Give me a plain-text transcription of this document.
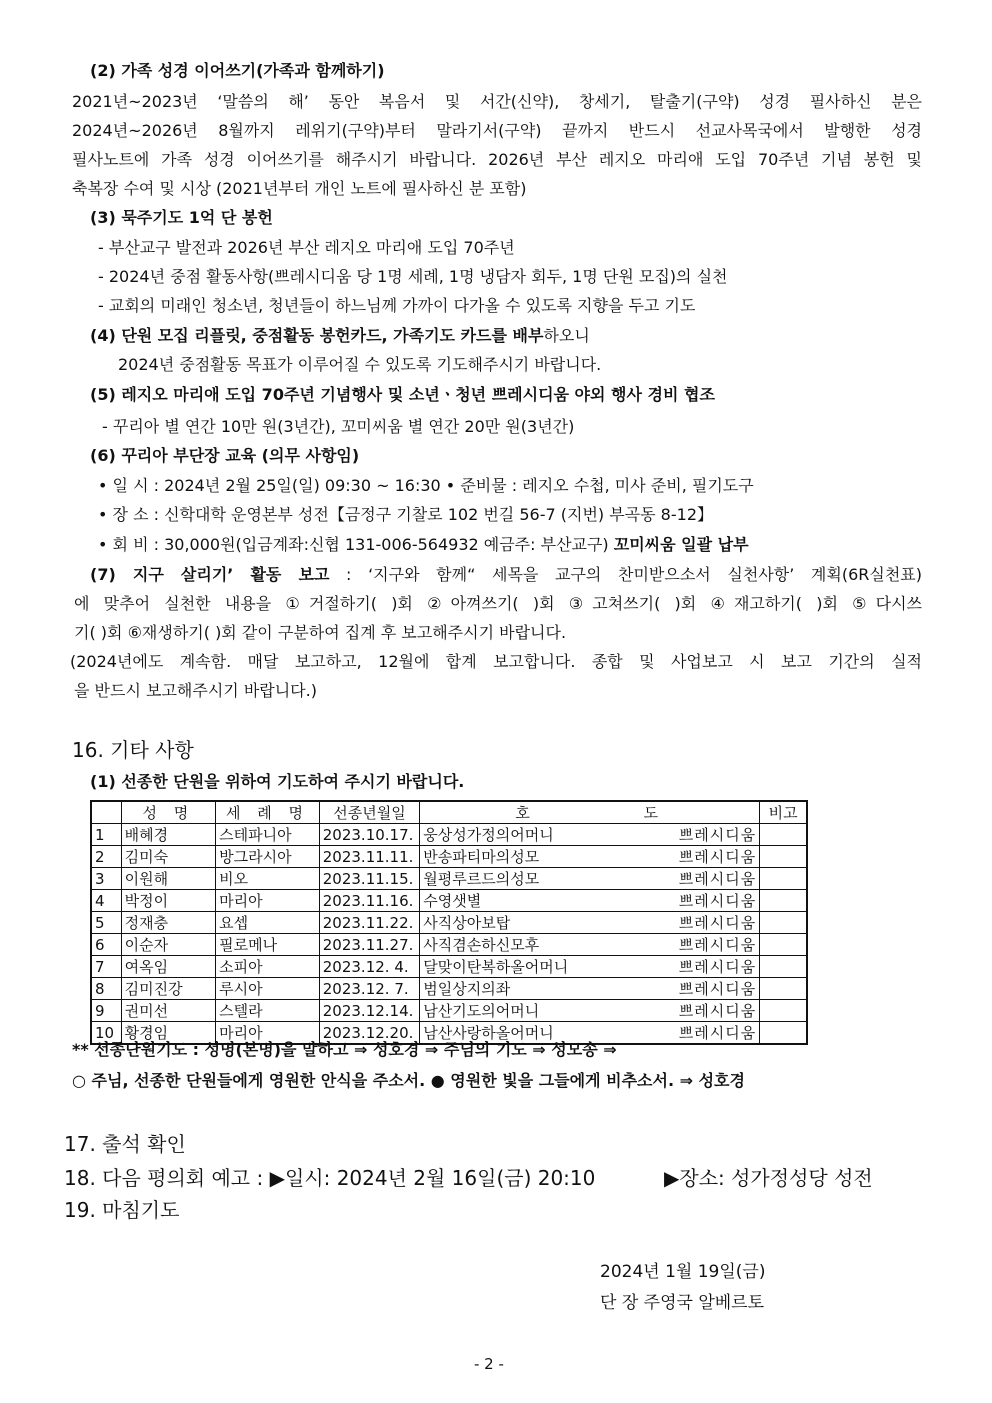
(2) 가족 성경 이어쓰기(가족과 함께하기)
2021년~2023년 ‘말씀의 해’ 동안 복음서 및 서간(신약), 창세기, 탈출기(구약) 성경 필사하신 분은
2024년~2026년 8월까지 레위기(구약)부터 말라기서(구약) 끝까지 반드시 선교사목국에서 발행한 성경
필사노트에 가족 성경 이어쓰기를 해주시기 바랍니다. 2026년 부산 레지오 마리애 도입 70주년 기념 봉헌 및
축복장 수여 및 시상 (2021년부터 개인 노트에 필사하신 분 포함)
(3) 묵주기도 1억 단 봉헌
- 부산교구 발전과 2026년 부산 레지오 마리애 도입 70주년
- 2024년 중점 활동사항(쁘레시디움 당 1명 세례, 1명 냉담자 회두, 1명 단원 모집)의 실천
- 교회의 미래인 청소년, 청년들이 하느님께 가까이 다가올 수 있도록 지향을 두고 기도
(4) 단원 모집 리플릿, 중점활동 봉헌카드, 가족기도 카드를 배부하오니
2024년 중점활동 목표가 이루어질 수 있도록 기도해주시기 바랍니다.
(5) 레지오 마리애 도입 70주년 기념행사 및 소년ㆍ청년 쁘레시디움 야외 행사 경비 협조
- 꾸리아 별 연간 10만 원(3년간), 꼬미씨움 별 연간 20만 원(3년간)
(6) 꾸리아 부단장 교육 (의무 사항임)
• 일 시 : 2024년 2월 25일(일) 09:30 ~ 16:30 • 준비물 : 레지오 수첩, 미사 준비, 필기도구
• 장 소 : 신학대학 운영본부 성전【금정구 기찰로 102 번길 56-7 (지번) 부곡동 8-12】
• 회 비 : 30,000원(입금계좌:신협 131-006-564932 예금주: 부산교구) 꼬미씨움 일괄 납부
(7) 지구 살리기’ 활동 보고 : ‘지구와 함께“ 세목을 교구의 찬미받으소서 실천사항’ 계획(6R실천표)
에 맞추어 실천한 내용을 ①거절하기( )회 ②아껴쓰기( )회 ③고쳐쓰기( )회 ④재고하기( )회 ⑤다시쓰
기( )회 ⑥재생하기( )회 같이 구분하여 집계 후 보고해주시기 바랍니다.
(2024년에도 계속함. 매달 보고하고, 12월에 합계 보고합니다. 종합 및 사업보고 시 보고 기간의 실적
을 반드시 보고해주시기 바랍니다.)
16. 기타 사항
(1) 선종한 단원을 위하여 기도하여 주시기 바랍니다.
	성 명	세 례 명	선종년월일	호          도	비고
1	배혜경	스테파니아	2023.10.17.	웅상성가정의어머니 쁘레시디움	

2	김미숙	방그라시아	2023.11.11.	반송파티마의성모 쁘레시디움	

3	이원해	비오	2023.11.15.	월평루르드의성모 쁘레시디움	

4	박정이	마리아	2023.11.16.	수영샛별 쁘레시디움	

5	정재충	요셉	2023.11.22.	사직상아보탑 쁘레시디움	

6	이순자	필로메나	2023.11.27.	사직겸손하신모후 쁘레시디움	

7	여옥임	소피아	2023.12. 4.	달맞이탄복하올어머니 쁘레시디움	

8	김미진강	루시아	2023.12. 7.	범일상지의좌 쁘레시디움	

9	권미선	스텔라	2023.12.14.	남산기도의어머니 쁘레시디움	

10	황경임	마리아	2023.12.20.	남산사랑하올어머니 쁘레시디움	

** 선종단원기도 : 성명(본명)을 말하고 ⇒ 성호경 ⇒ 주님의 기도 ⇒ 성모송 ⇒
○ 주님, 선종한 단원들에게 영원한 안식을 주소서. ● 영원한 빛을 그들에게 비추소서. ⇒ 성호경
17. 출석 확인
18. 다음 평의회 예고 : ▶일시: 2024년 2월 16일(금) 20:10	▶장소: 성가정성당 성전
19. 마침기도
2024년 1월 19일(금)
단 장 주영국 알베르토
- 2 -
